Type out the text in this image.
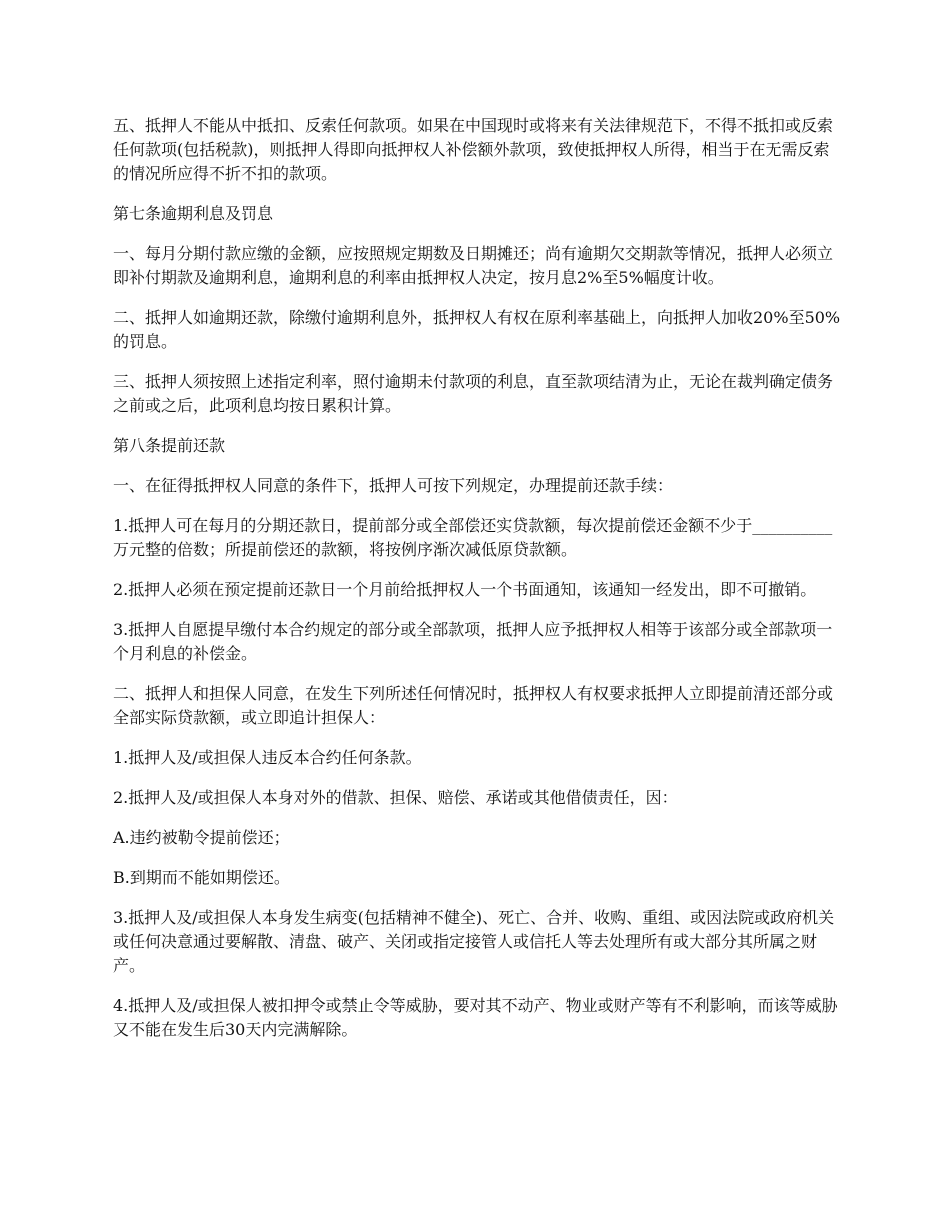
五、抵押人不能从中抵扣、反索任何款项。如果在中国现时或将来有关法律规范下，不得不抵扣或反索任何款项(包括税款)，则抵押人得即向抵押权人补偿额外款项，致使抵押权人所得，相当于在无需反索的情况所应得不折不扣的款项。

第七条逾期利息及罚息

一、每月分期付款应缴的金额，应按照规定期数及日期摊还；尚有逾期欠交期款等情况，抵押人必须立即补付期款及逾期利息，逾期利息的利率由抵押权人决定，按月息2%至5%幅度计收。

二、抵押人如逾期还款，除缴付逾期利息外，抵押权人有权在原利率基础上，向抵押人加收20%至50%的罚息。

三、抵押人须按照上述指定利率，照付逾期未付款项的利息，直至款项结清为止，无论在裁判确定债务之前或之后，此项利息均按日累积计算。

第八条提前还款

一、在征得抵押权人同意的条件下，抵押人可按下列规定，办理提前还款手续：

1.抵押人可在每月的分期还款日，提前部分或全部偿还实贷款额，每次提前偿还金额不少于__________万元整的倍数；所提前偿还的款额，将按例序渐次减低原贷款额。

2.抵押人必须在预定提前还款日一个月前给抵押权人一个书面通知，该通知一经发出，即不可撤销。

3.抵押人自愿提早缴付本合约规定的部分或全部款项，抵押人应予抵押权人相等于该部分或全部款项一个月利息的补偿金。

二、抵押人和担保人同意，在发生下列所述任何情况时，抵押权人有权要求抵押人立即提前清还部分或全部实际贷款额，或立即追计担保人：

1.抵押人及/或担保人违反本合约任何条款。

2.抵押人及/或担保人本身对外的借款、担保、赔偿、承诺或其他借债责任，因：

A.违约被勒令提前偿还；

B.到期而不能如期偿还。

3.抵押人及/或担保人本身发生病变(包括精神不健全)、死亡、合并、收购、重组、或因法院或政府机关或任何决意通过要解散、清盘、破产、关闭或指定接管人或信托人等去处理所有或大部分其所属之财产。

4.抵押人及/或担保人被扣押令或禁止令等威胁，要对其不动产、物业或财产等有不利影响，而该等威胁又不能在发生后30天内完满解除。
